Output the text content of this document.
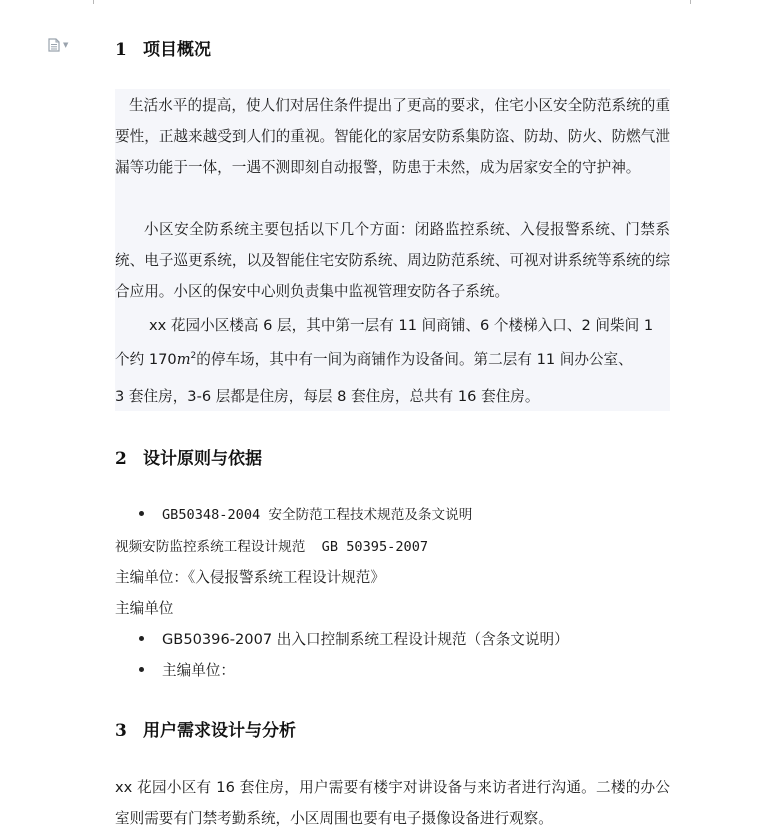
▼	1 项目概况

生活水平的提高，使人们对居住条件提出了更高的要求，住宅小区安全防范系统的重要性，正越来越受到人们的重视。智能化的家居安防系集防盗、防劫、防火、防燃气泄漏等功能于一体，一遇不测即刻自动报警，防患于未然，成为居家安全的守护神。

小区安全防系统主要包括以下几个方面：闭路监控系统、入侵报警系统、门禁系统、电子巡更系统，以及智能住宅安防系统、周边防范系统、可视对讲系统等系统的综合应用。小区的保安中心则负责集中监视管理安防各子系统。

xx 花园小区楼高 6 层，其中第一层有 11 间商铺、6 个楼梯入口、2 间柴间 1
个约 $170m^2$的停车场，其中有一间为商铺作为设备间。第二层有 11 间办公室、
3 套住房，3-6 层都是住房，每层 8 套住房，总共有 16 套住房。
2 设计原则与依据
GB50348-2004 安全防范工程技术规范及条文说明
视频安防监控系统工程设计规范  GB 50395-2007
主编单位：《入侵报警系统工程设计规范》
主编单位
GB50396-2007 出入口控制系统工程设计规范（含条文说明）
主编单位：
3 用户需求设计与分析

xx 花园小区有 16 套住房，用户需要有楼宇对讲设备与来访者进行沟通。二楼的办公室则需要有门禁考勤系统，小区周围也要有电子摄像设备进行观察。
